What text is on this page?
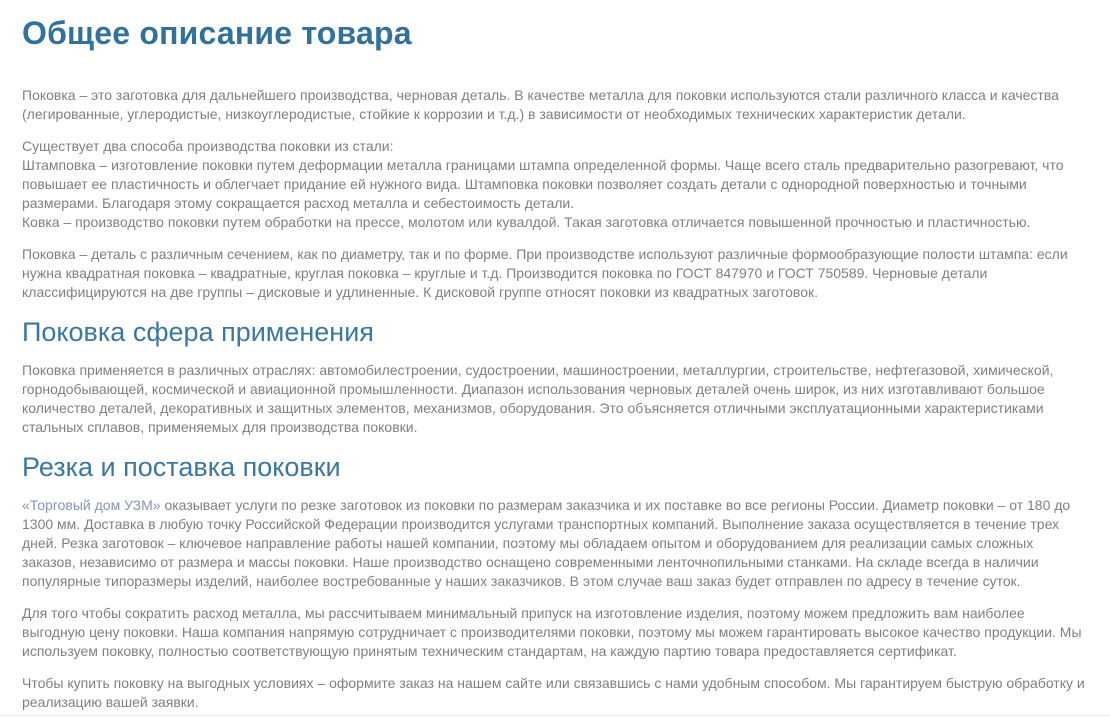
Общее описание товара

Поковка – это заготовка для дальнейшего производства, черновая деталь. В качестве металла для поковки используются стали различного класса и качества (легированные, углеродистые, низкоуглеродистые, стойкие к коррозии и т.д.) в зависимости от необходимых технических характеристик детали.

Существует два способа производства поковки из стали:
Штамповка – изготовление поковки путем деформации металла границами штампа определенной формы. Чаще всего сталь предварительно разогревают, что повышает ее пластичность и облегчает придание ей нужного вида. Штамповка поковки позволяет создать детали с однородной поверхностью и точными размерами. Благодаря этому сокращается расход металла и себестоимость детали.
Ковка – производство поковки путем обработки на прессе, молотом или кувалдой. Такая заготовка отличается повышенной прочностью и пластичностью.

Поковка – деталь с различным сечением, как по диаметру, так и по форме. При производстве используют различные формообразующие полости штампа: если нужна квадратная поковка – квадратные, круглая поковка – круглые и т.д. Производится поковка по ГОСТ 847970 и ГОСТ 750589. Черновые детали классифицируются на две группы – дисковые и удлиненные. К дисковой группе относят поковки из квадратных заготовок.

Поковка сфера применения

Поковка применяется в различных отраслях: автомобилестроении, судостроении, машиностроении, металлургии, строительстве, нефтегазовой, химической, горнодобывающей, космической и авиационной промышленности. Диапазон использования черновых деталей очень широк, из них изготавливают большое количество деталей, декоративных и защитных элементов, механизмов, оборудования. Это объясняется отличными эксплуатационными характеристиками стальных сплавов, применяемых для производства поковки.

Резка и поставка поковки

«Торговый дом УЗМ» оказывает услуги по резке заготовок из поковки по размерам заказчика и их поставке во все регионы России. Диаметр поковки – от 180 до 1300 мм. Доставка в любую точку Российской Федерации производится услугами транспортных компаний. Выполнение заказа осуществляется в течение трех дней. Резка заготовок – ключевое направление работы нашей компании, поэтому мы обладаем опытом и оборудованием для реализации самых сложных заказов, независимо от размера и массы поковки. Наше производство оснащено современными ленточнопильными станками. На складе всегда в наличии популярные типоразмеры изделий, наиболее востребованные у наших заказчиков. В этом случае ваш заказ будет отправлен по адресу в течение суток.

Для того чтобы сократить расход металла, мы рассчитываем минимальный припуск на изготовление изделия, поэтому можем предложить вам наиболее выгодную цену поковки. Наша компания напрямую сотрудничает с производителями поковки, поэтому мы можем гарантировать высокое качество продукции. Мы используем поковку, полностью соответствующую принятым техническим стандартам, на каждую партию товара предоставляется сертификат.

Чтобы купить поковку на выгодных условиях – оформите заказ на нашем сайте или связавшись с нами удобным способом. Мы гарантируем быструю обработку и реализацию вашей заявки.
